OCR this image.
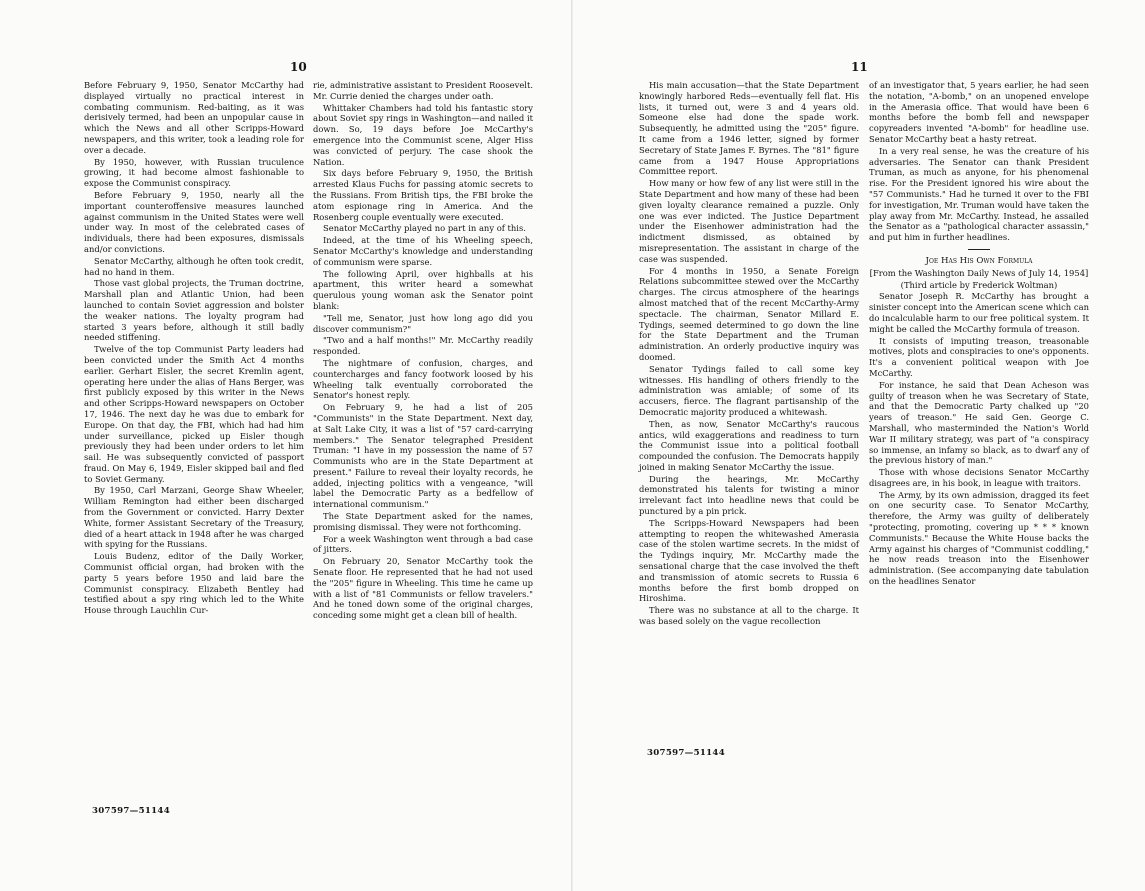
10

Before February 9, 1950, Senator McCarthy had displayed virtually no practical interest in combating communism. Red-baiting, as it was derisively termed, had been an unpopular cause in which the News and all other Scripps-Howard newspapers, and this writer, took a leading role for over a decade.

By 1950, however, with Russian truculence growing, it had become almost fashionable to expose the Communist conspiracy.

Before February 9, 1950, nearly all the important counteroffensive measures launched against communism in the United States were well under way. In most of the celebrated cases of individuals, there had been exposures, dismissals and/or convictions.

Senator McCarthy, although he often took credit, had no hand in them.

Those vast global projects, the Truman doctrine, Marshall plan and Atlantic Union, had been launched to contain Soviet aggression and bolster the weaker nations. The loyalty program had started 3 years before, although it still badly needed stiffening.

Twelve of the top Communist Party leaders had been convicted under the Smith Act 4 months earlier. Gerhart Eisler, the secret Kremlin agent, operating here under the alias of Hans Berger, was first publicly exposed by this writer in the News and other Scripps-Howard newspapers on October 17, 1946. The next day he was due to embark for Europe. On that day, the FBI, which had had him under surveillance, picked up Eisler though previously they had been under orders to let him sail. He was subsequently convicted of passport fraud. On May 6, 1949, Eisler skipped bail and fled to Soviet Germany.

By 1950, Carl Marzani, George Shaw Wheeler, William Remington had either been discharged from the Government or convicted. Harry Dexter White, former Assistant Secretary of the Treasury, died of a heart attack in 1948 after he was charged with spying for the Russians.

Louis Budenz, editor of the Daily Worker, Communist official organ, had broken with the party 5 years before 1950 and laid bare the Communist conspiracy. Elizabeth Bentley had testified about a spy ring which led to the White House through Lauchlin Cur-

rie, administrative assistant to President Roosevelt. Mr. Currie denied the charges under oath.

Whittaker Chambers had told his fantastic story about Soviet spy rings in Washington—and nailed it down. So, 19 days before Joe McCarthy's emergence into the Communist scene, Alger Hiss was convicted of perjury. The case shook the Nation.

Six days before February 9, 1950, the British arrested Klaus Fuchs for passing atomic secrets to the Russians. From British tips, the FBI broke the atom espionage ring in America. And the Rosenberg couple eventually were executed.

Senator McCarthy played no part in any of this.

Indeed, at the time of his Wheeling speech, Senator McCarthy's knowledge and understanding of communism were sparse.

The following April, over highballs at his apartment, this writer heard a somewhat querulous young woman ask the Senator point blank:

"Tell me, Senator, just how long ago did you discover communism?"

"Two and a half months!" Mr. McCarthy readily responded.

The nightmare of confusion, charges, and countercharges and fancy footwork loosed by his Wheeling talk eventually corroborated the Senator's honest reply.

On February 9, he had a list of 205 "Communists" in the State Department. Next day, at Salt Lake City, it was a list of "57 card-carrying members." The Senator telegraphed President Truman: "I have in my possession the name of 57 Communists who are in the State Department at present." Failure to reveal their loyalty records, he added, injecting politics with a vengeance, "will label the Democratic Party as a bedfellow of international communism."

The State Department asked for the names, promising dismissal. They were not forthcoming.

For a week Washington went through a bad case of jitters.

On February 20, Senator McCarthy took the Senate floor. He represented that he had not used the "205" figure in Wheeling. This time he came up with a list of "81 Communists or fellow travelers." And he toned down some of the original charges, conceding some might get a clean bill of health.

307597—51144
11

His main accusation—that the State Department knowingly harbored Reds—eventually fell flat. His lists, it turned out, were 3 and 4 years old. Someone else had done the spade work. Subsequently, he admitted using the "205" figure. It came from a 1946 letter, signed by former Secretary of State James F. Byrnes. The "81" figure came from a 1947 House Appropriations Committee report.

How many or how few of any list were still in the State Department and how many of these had been given loyalty clearance remained a puzzle. Only one was ever indicted. The Justice Department under the Eisenhower administration had the indictment dismissed, as obtained by misrepresentation. The assistant in charge of the case was suspended.

For 4 months in 1950, a Senate Foreign Relations subcommittee stewed over the McCarthy charges. The circus atmosphere of the hearings almost matched that of the recent McCarthy-Army spectacle. The chairman, Senator Millard E. Tydings, seemed determined to go down the line for the State Department and the Truman administration. An orderly productive inquiry was doomed.

Senator Tydings failed to call some key witnesses. His handling of others friendly to the administration was amiable; of some of its accusers, fierce. The flagrant partisanship of the Democratic majority produced a whitewash.

Then, as now, Senator McCarthy's raucous antics, wild exaggerations and readiness to turn the Communist issue into a political football compounded the confusion. The Democrats happily joined in making Senator McCarthy the issue.

During the hearings, Mr. McCarthy demonstrated his talents for twisting a minor irrelevant fact into headline news that could be punctured by a pin prick.

The Scripps-Howard Newspapers had been attempting to reopen the whitewashed Amerasia case of the stolen wartime secrets. In the midst of the Tydings inquiry, Mr. McCarthy made the sensational charge that the case involved the theft and transmission of atomic secrets to Russia 6 months before the first bomb dropped on Hiroshima.

There was no substance at all to the charge. It was based solely on the vague recollection

of an investigator that, 5 years earlier, he had seen the notation, "A-bomb," on an unopened envelope in the Amerasia office. That would have been 6 months before the bomb fell and newspaper copyreaders invented "A-bomb" for headline use. Senator McCarthy beat a hasty retreat.

In a very real sense, he was the creature of his adversaries. The Senator can thank President Truman, as much as anyone, for his phenomenal rise. For the President ignored his wire about the "57 Communists." Had he turned it over to the FBI for investigation, Mr. Truman would have taken the play away from Mr. McCarthy. Instead, he assailed the Senator as a "pathological character assassin," and put him in further headlines.

Joe Has His Own Formula

[From the Washington Daily News of July 14, 1954]

(Third article by Frederick Woltman)

Senator Joseph R. McCarthy has brought a sinister concept into the American scene which can do incalculable harm to our free political system. It might be called the McCarthy formula of treason.

It consists of imputing treason, treasonable motives, plots and conspiracies to one's opponents. It's a convenient political weapon with Joe McCarthy.

For instance, he said that Dean Acheson was guilty of treason when he was Secretary of State, and that the Democratic Party chalked up "20 years of treason." He said Gen. George C. Marshall, who masterminded the Nation's World War II military strategy, was part of "a conspiracy so immense, an infamy so black, as to dwarf any of the previous history of man."

Those with whose decisions Senator McCarthy disagrees are, in his book, in league with traitors.

The Army, by its own admission, dragged its feet on one security case. To Senator McCarthy, therefore, the Army was guilty of deliberately "protecting, promoting, covering up * * * known Communists." Because the White House backs the Army against his charges of "Communist coddling," he now reads treason into the Eisenhower administration. (See accompanying date tabulation on the headlines Senator

307597—51144
